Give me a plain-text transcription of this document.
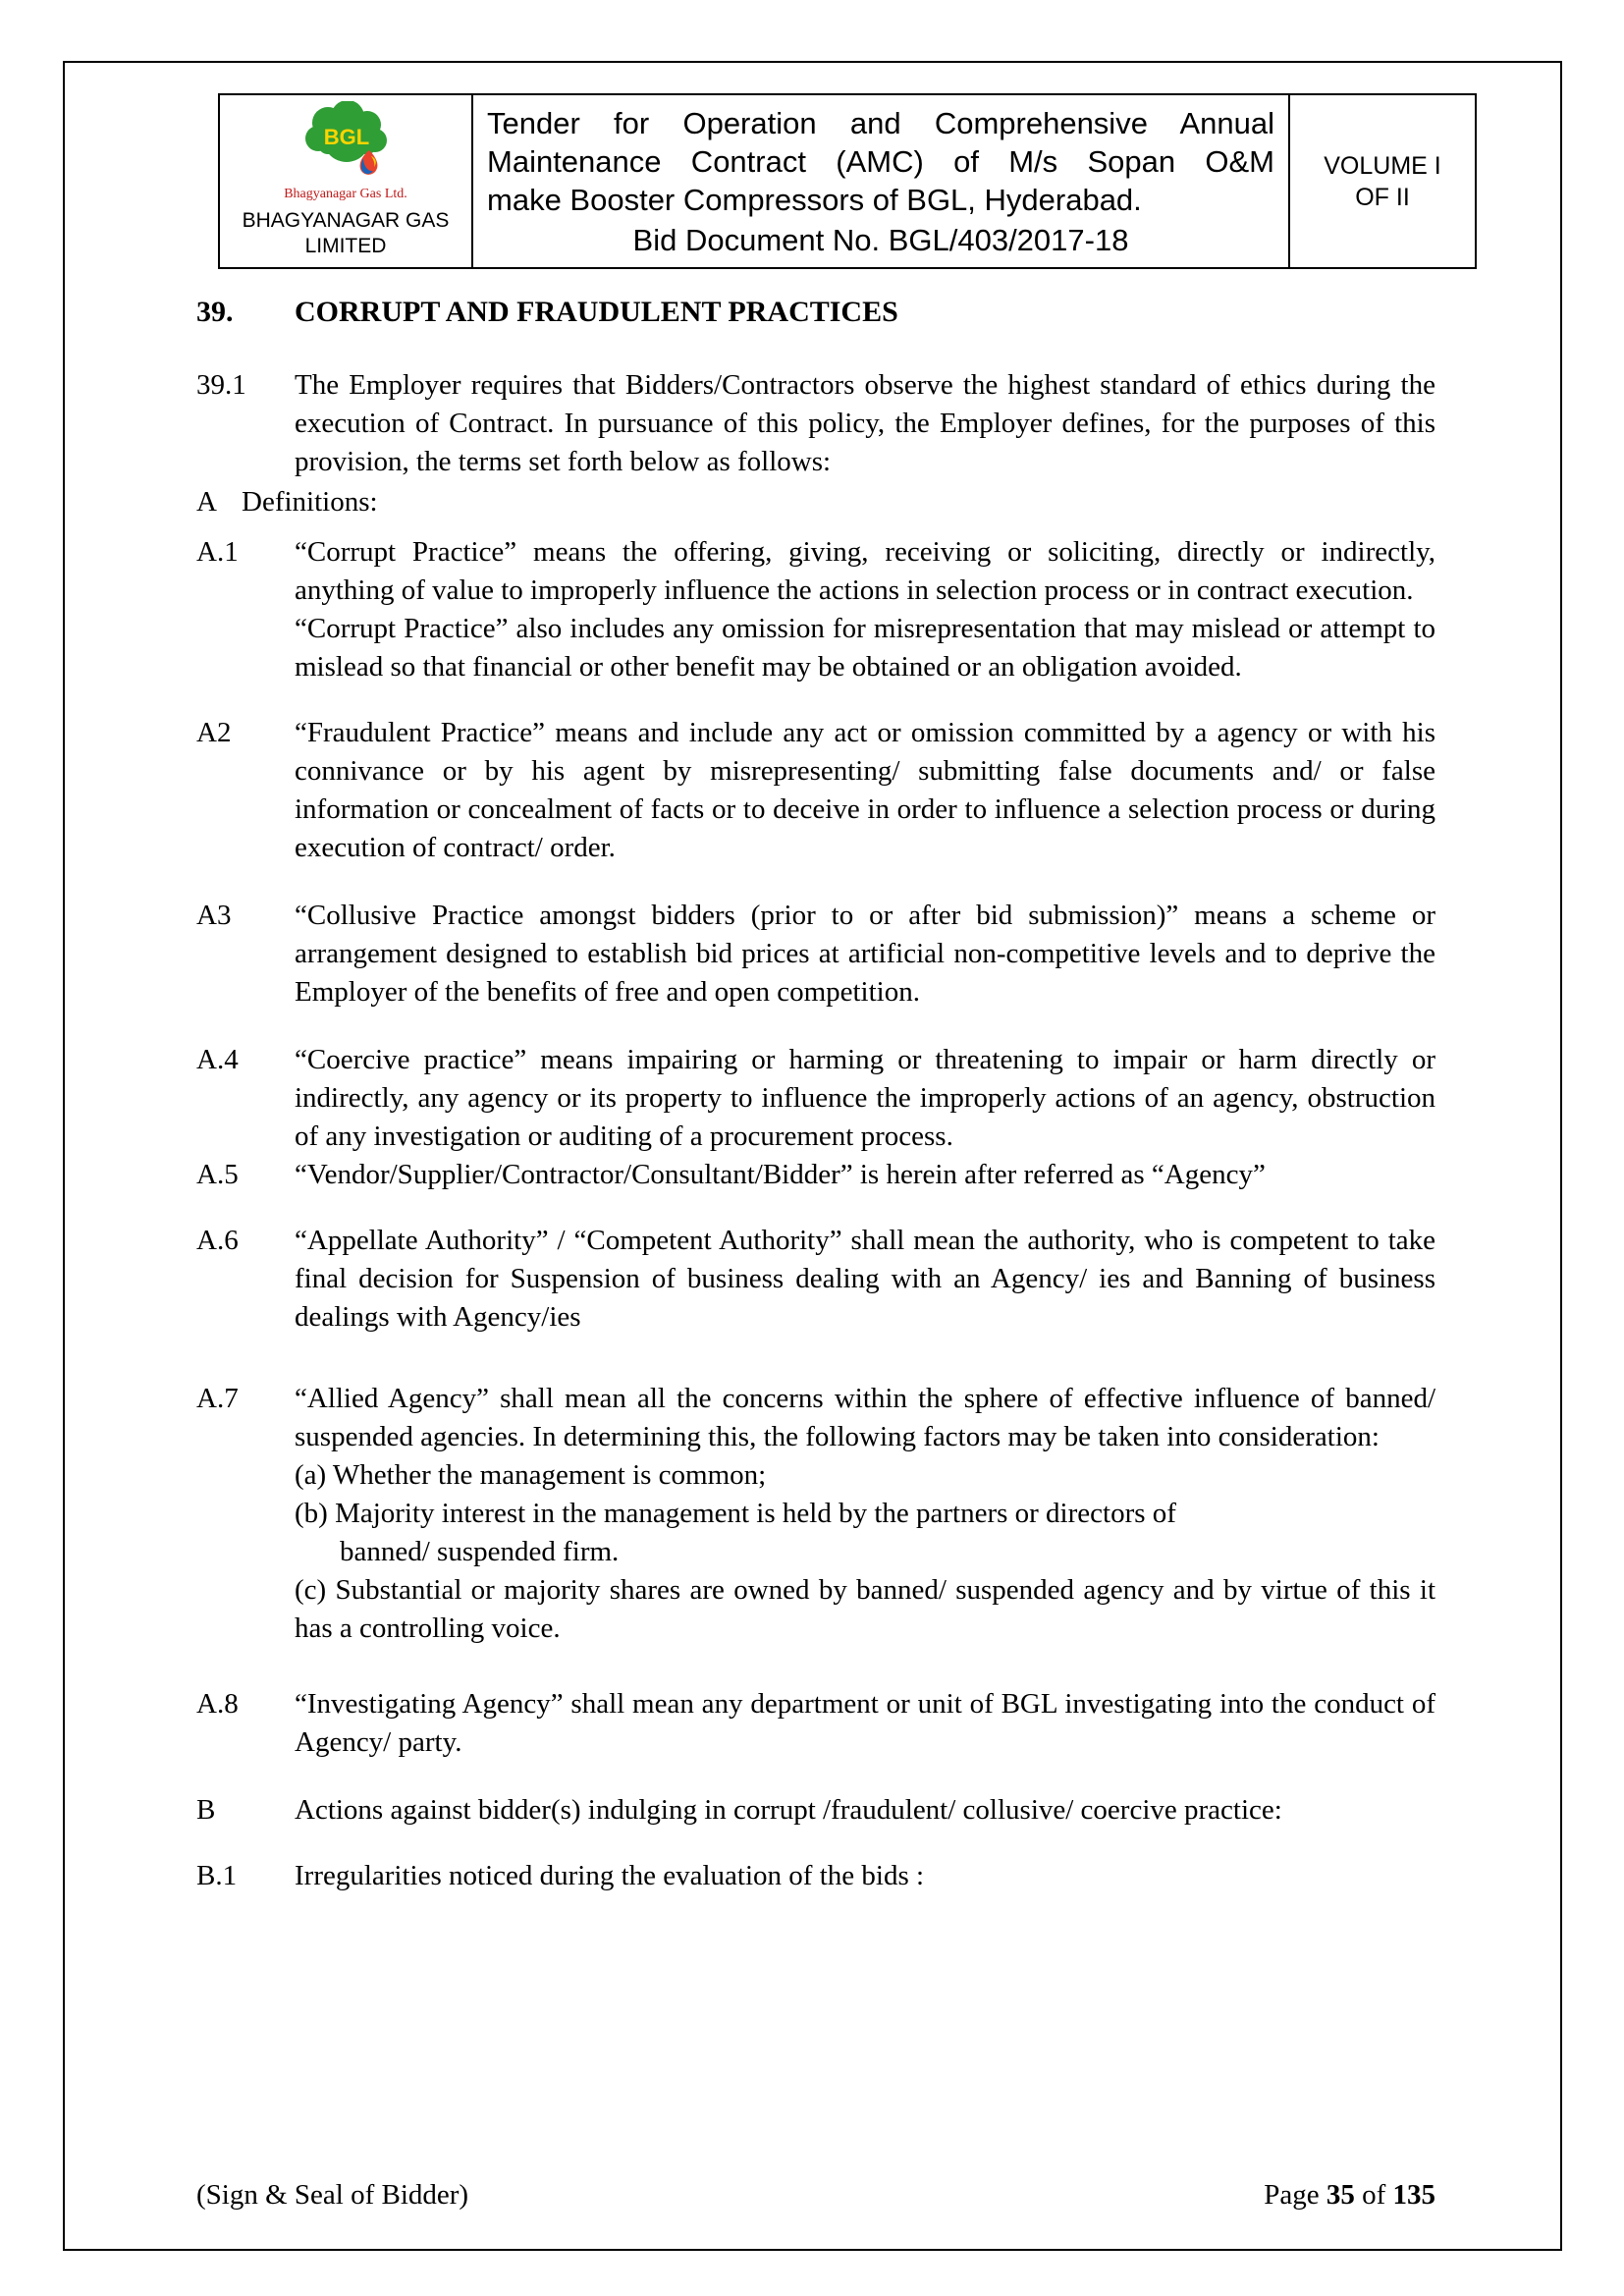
BGL
Bhagyanagar Gas Ltd.
BHAGYANAGAR GAS
LIMITED

Tender for Operation and Comprehensive Annual
Maintenance Contract (AMC) of M/s Sopan O&M
make Booster Compressors of BGL, Hyderabad.
Bid Document No. BGL/403/2017-18

VOLUME I
OF II
39.	CORRUPT AND FRAUDULENT PRACTICES
39.1	The Employer requires that Bidders/Contractors observe the highest standard of ethics during the execution of Contract. In pursuance of this policy, the Employer defines, for the purposes of this provision, the terms set forth below as follows:
A Definitions:
A.1	“Corrupt Practice” means the offering, giving, receiving or soliciting, directly or indirectly, anything of value to improperly influence the actions in selection process or in contract execution.

“Corrupt Practice” also includes any omission for misrepresentation that may mislead or attempt to mislead so that financial or other benefit may be obtained or an obligation avoided.

A2	“Fraudulent Practice” means and include any act or omission committed by a agency or with his connivance or by his agent by misrepresenting/ submitting false documents and/ or false information or concealment of facts or to deceive in order to influence a selection process or during execution of contract/ order.
A3	“Collusive Practice amongst bidders (prior to or after bid submission)” means a scheme or arrangement designed to establish bid prices at artificial non-competitive levels and to deprive the Employer of the benefits of free and open competition.
A.4	“Coercive practice” means impairing or harming or threatening to impair or harm directly or indirectly, any agency or its property to influence the improperly actions of an agency, obstruction of any investigation or auditing of a procurement process.
A.5	“Vendor/Supplier/Contractor/Consultant/Bidder” is herein after referred as “Agency”
A.6	“Appellate Authority” / “Competent Authority” shall mean the authority, who is competent to take final decision for Suspension of business dealing with an Agency/ ies and Banning of business dealings with Agency/ies
A.7	“Allied Agency” shall mean all the concerns within the sphere of effective influence of banned/ suspended agencies. In determining this, the following factors may be taken into consideration:

(a) Whether the management is common;

(b) Majority interest in the management is held by the partners or directors of

banned/ suspended firm.

(c) Substantial or majority shares are owned by banned/ suspended agency and by virtue of this it has a controlling voice.

A.8	“Investigating Agency” shall mean any department or unit of BGL investigating into the conduct of Agency/ party.
B	Actions against bidder(s) indulging in corrupt /fraudulent/ collusive/ coercive practice:
B.1	Irregularities noticed during the evaluation of the bids :
(Sign & Seal of Bidder)	Page 35 of 135
